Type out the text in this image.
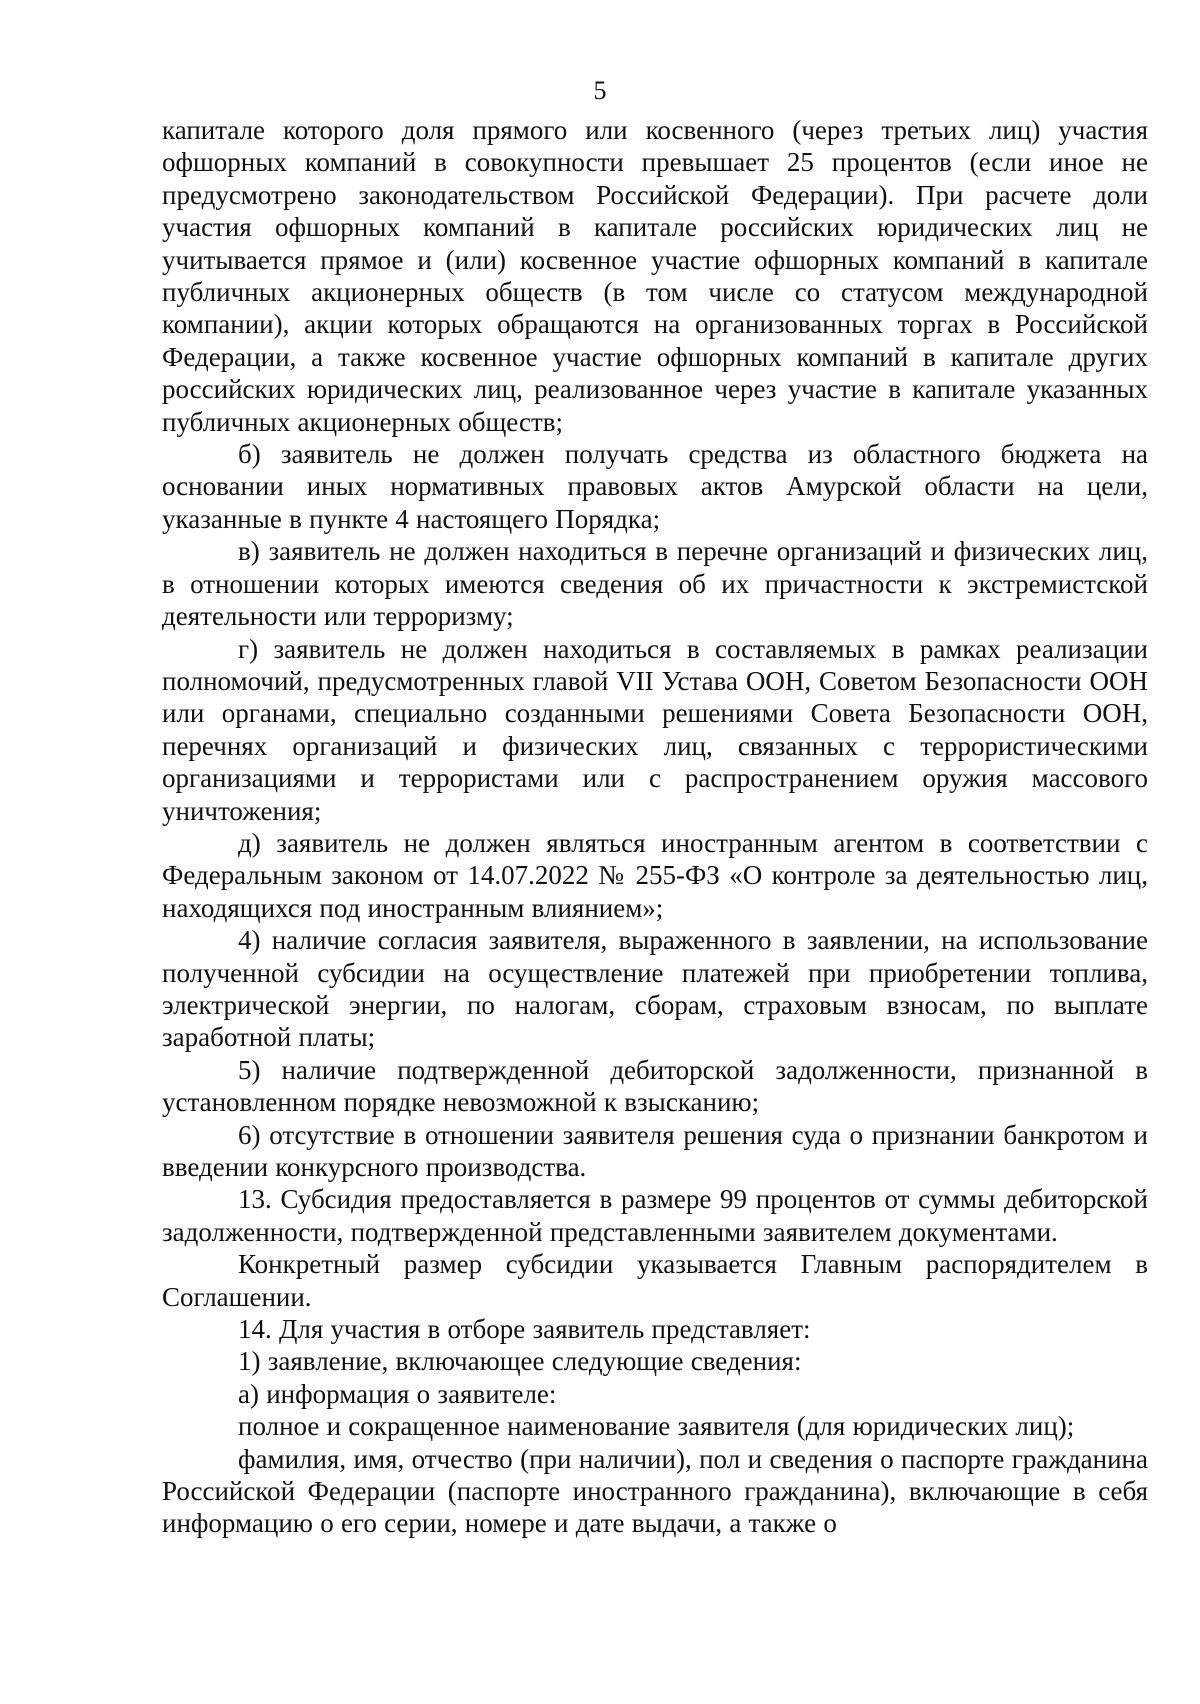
5

капитале которого доля прямого или косвенного (через третьих лиц) участия офшорных компаний в совокупности превышает 25 процентов (если иное не предусмотрено законодательством Российской Федерации). При расчете доли участия офшорных компаний в капитале российских юридических лиц не учитывается прямое и (или) косвенное участие офшорных компаний в капитале публичных акционерных обществ (в том числе со статусом международной компании), акции которых обращаются на организованных торгах в Российской Федерации, а также косвенное участие офшорных компаний в капитале других российских юридических лиц, реализованное через участие в капитале указанных публичных акционерных обществ;

б) заявитель не должен получать средства из областного бюджета на основании иных нормативных правовых актов Амурской области на цели, указанные в пункте 4 настоящего Порядка;

в) заявитель не должен находиться в перечне организаций и физических лиц, в отношении которых имеются сведения об их причастности к экстремистской деятельности или терроризму;

г) заявитель не должен находиться в составляемых в рамках реализации полномочий, предусмотренных главой VII Устава ООН, Советом Безопасности ООН или органами, специально созданными решениями Совета Безопасности ООН, перечнях организаций и физических лиц, связанных с террористическими организациями и террористами или с распространением оружия массового уничтожения;

д) заявитель не должен являться иностранным агентом в соответствии с Федеральным законом от 14.07.2022 № 255-ФЗ «О контроле за деятельностью лиц, находящихся под иностранным влиянием»;

4) наличие согласия заявителя, выраженного в заявлении, на использование полученной субсидии на осуществление платежей при приобретении топлива, электрической энергии, по налогам, сборам, страховым взносам, по выплате заработной платы;

5) наличие подтвержденной дебиторской задолженности, признанной в установленном порядке невозможной к взысканию;

6) отсутствие в отношении заявителя решения суда о признании банкротом и введении конкурсного производства.

13. Субсидия предоставляется в размере 99 процентов от суммы дебиторской задолженности, подтвержденной представленными заявителем документами.

Конкретный размер субсидии указывается Главным распорядителем в Соглашении.

14. Для участия в отборе заявитель представляет:

1) заявление, включающее следующие сведения:

а) информация о заявителе:

полное и сокращенное наименование заявителя (для юридических лиц);

фамилия, имя, отчество (при наличии), пол и сведения о паспорте гражданина Российской Федерации (паспорте иностранного гражданина), включающие в себя информацию о его серии, номере и дате выдачи, а также о
